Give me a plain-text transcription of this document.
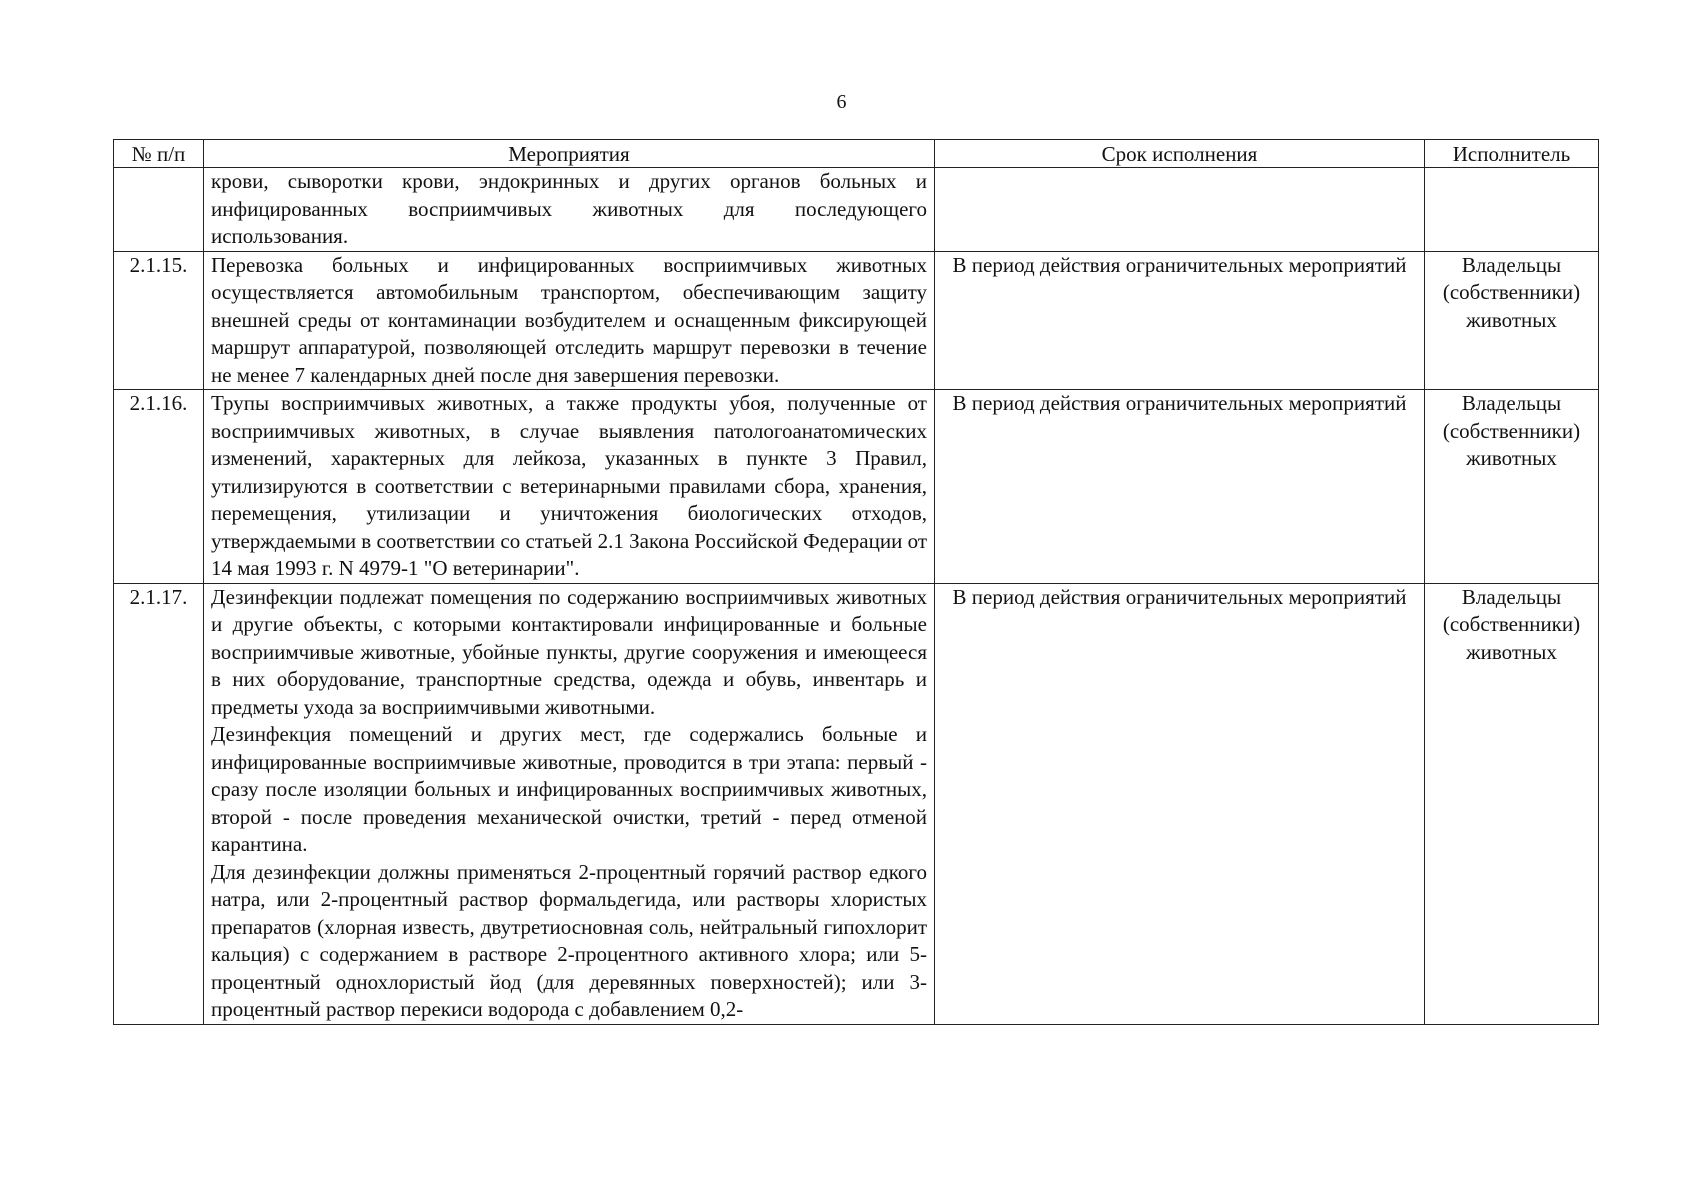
6
№ п/п	Мероприятия	Срок исполнения	Исполнитель

	крови, сыворотки крови, эндокринных и других органов больных и инфицированных восприимчивых животных для последующего использования.		

2.1.15.	Перевозка больных и инфицированных восприимчивых животных осуществляется автомобильным транспортом, обеспечивающим защиту внешней среды от контаминации возбудителем и оснащенным фиксирующей маршрут аппаратурой, позволяющей отследить маршрут перевозки в течение не менее 7 календарных дней после дня завершения перевозки.	В период действия ограничительных мероприятий	Владельцы (собственники) животных
2.1.16.	Трупы восприимчивых животных, а также продукты убоя, полученные от восприимчивых животных, в случае выявления патологоанатомических изменений, характерных для лейкоза, указанных в пункте 3 Правил, утилизируются в соответствии с ветеринарными правилами сбора, хранения, перемещения, утилизации и уничтожения биологических отходов, утверждаемыми в соответствии со статьей 2.1 Закона Российской Федерации от 14 мая 1993 г. N 4979-1 "О ветеринарии".	В период действия ограничительных мероприятий	Владельцы (собственники) животных
2.1.17.	Дезинфекции подлежат помещения по содержанию восприимчивых животных и другие объекты, с которыми контактировали инфицированные и больные восприимчивые животные, убойные пункты, другие сооружения и имеющееся в них оборудование, транспортные средства, одежда и обувь, инвентарь и предметы ухода за восприимчивыми животными.

Дезинфекция помещений и других мест, где содержались больные и инфицированные восприимчивые животные, проводится в три этапа: первый - сразу после изоляции больных и инфицированных восприимчивых животных, второй - после проведения механической очистки, третий - перед отменой карантина.

Для дезинфекции должны применяться 2-процентный горячий раствор едкого натра, или 2-процентный раствор формальдегида, или растворы хлористых препаратов (хлорная известь, двутретиосновная соль, нейтральный гипохлорит кальция) с содержанием в растворе 2-процентного активного хлора; или 5-процентный однохлористый йод (для деревянных поверхностей); или 3-процентный раствор перекиси водорода с добавлением 0,2-	В период действия ограничительных мероприятий	Владельцы (собственники) животных
